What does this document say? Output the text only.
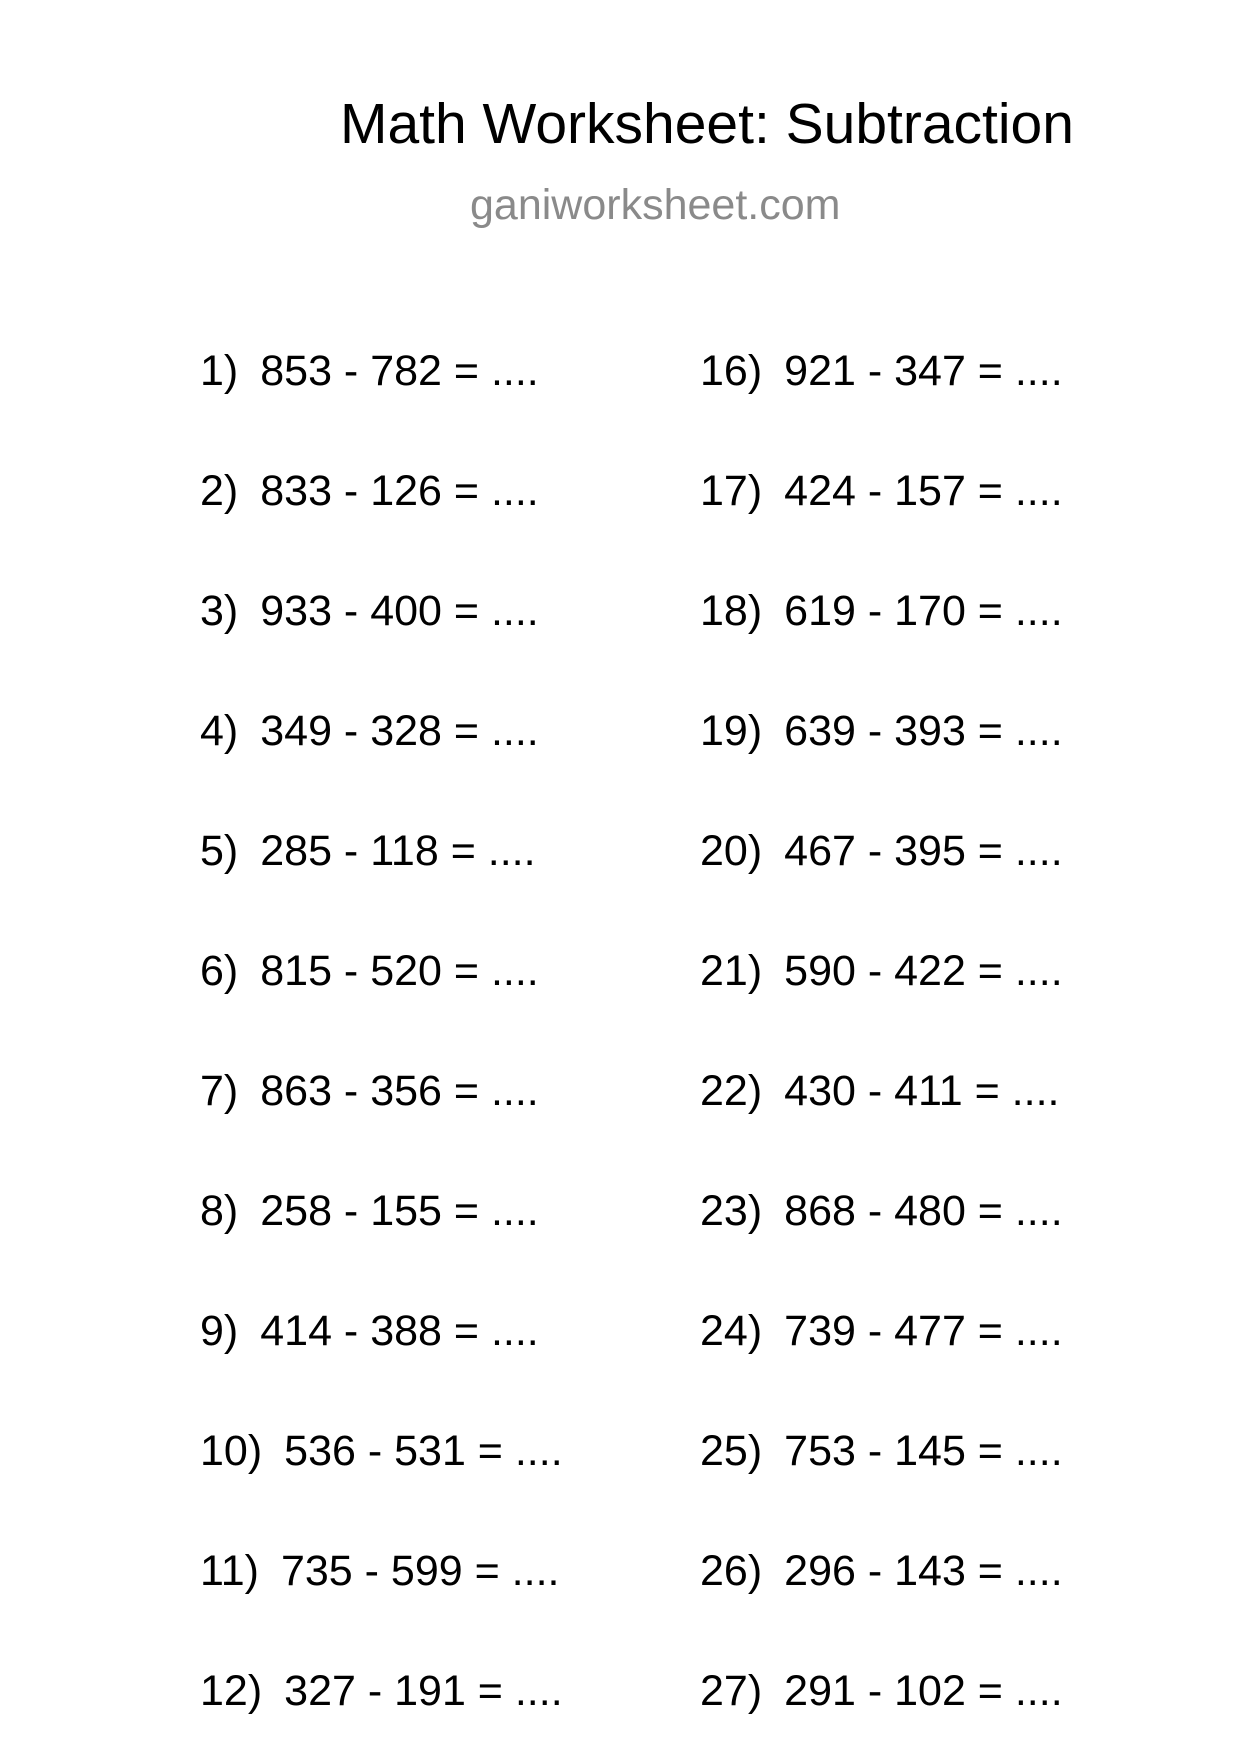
Math Worksheet: Subtraction
ganiworksheet.com
1) 853 - 782 = ....
2) 833 - 126 = ....
3) 933 - 400 = ....
4) 349 - 328 = ....
5) 285 - 118 = ....
6) 815 - 520 = ....
7) 863 - 356 = ....
8) 258 - 155 = ....
9) 414 - 388 = ....
10) 536 - 531 = ....
11) 735 - 599 = ....
12) 327 - 191 = ....
16) 921 - 347 = ....
17) 424 - 157 = ....
18) 619 - 170 = ....
19) 639 - 393 = ....
20) 467 - 395 = ....
21) 590 - 422 = ....
22) 430 - 411 = ....
23) 868 - 480 = ....
24) 739 - 477 = ....
25) 753 - 145 = ....
26) 296 - 143 = ....
27) 291 - 102 = ....
